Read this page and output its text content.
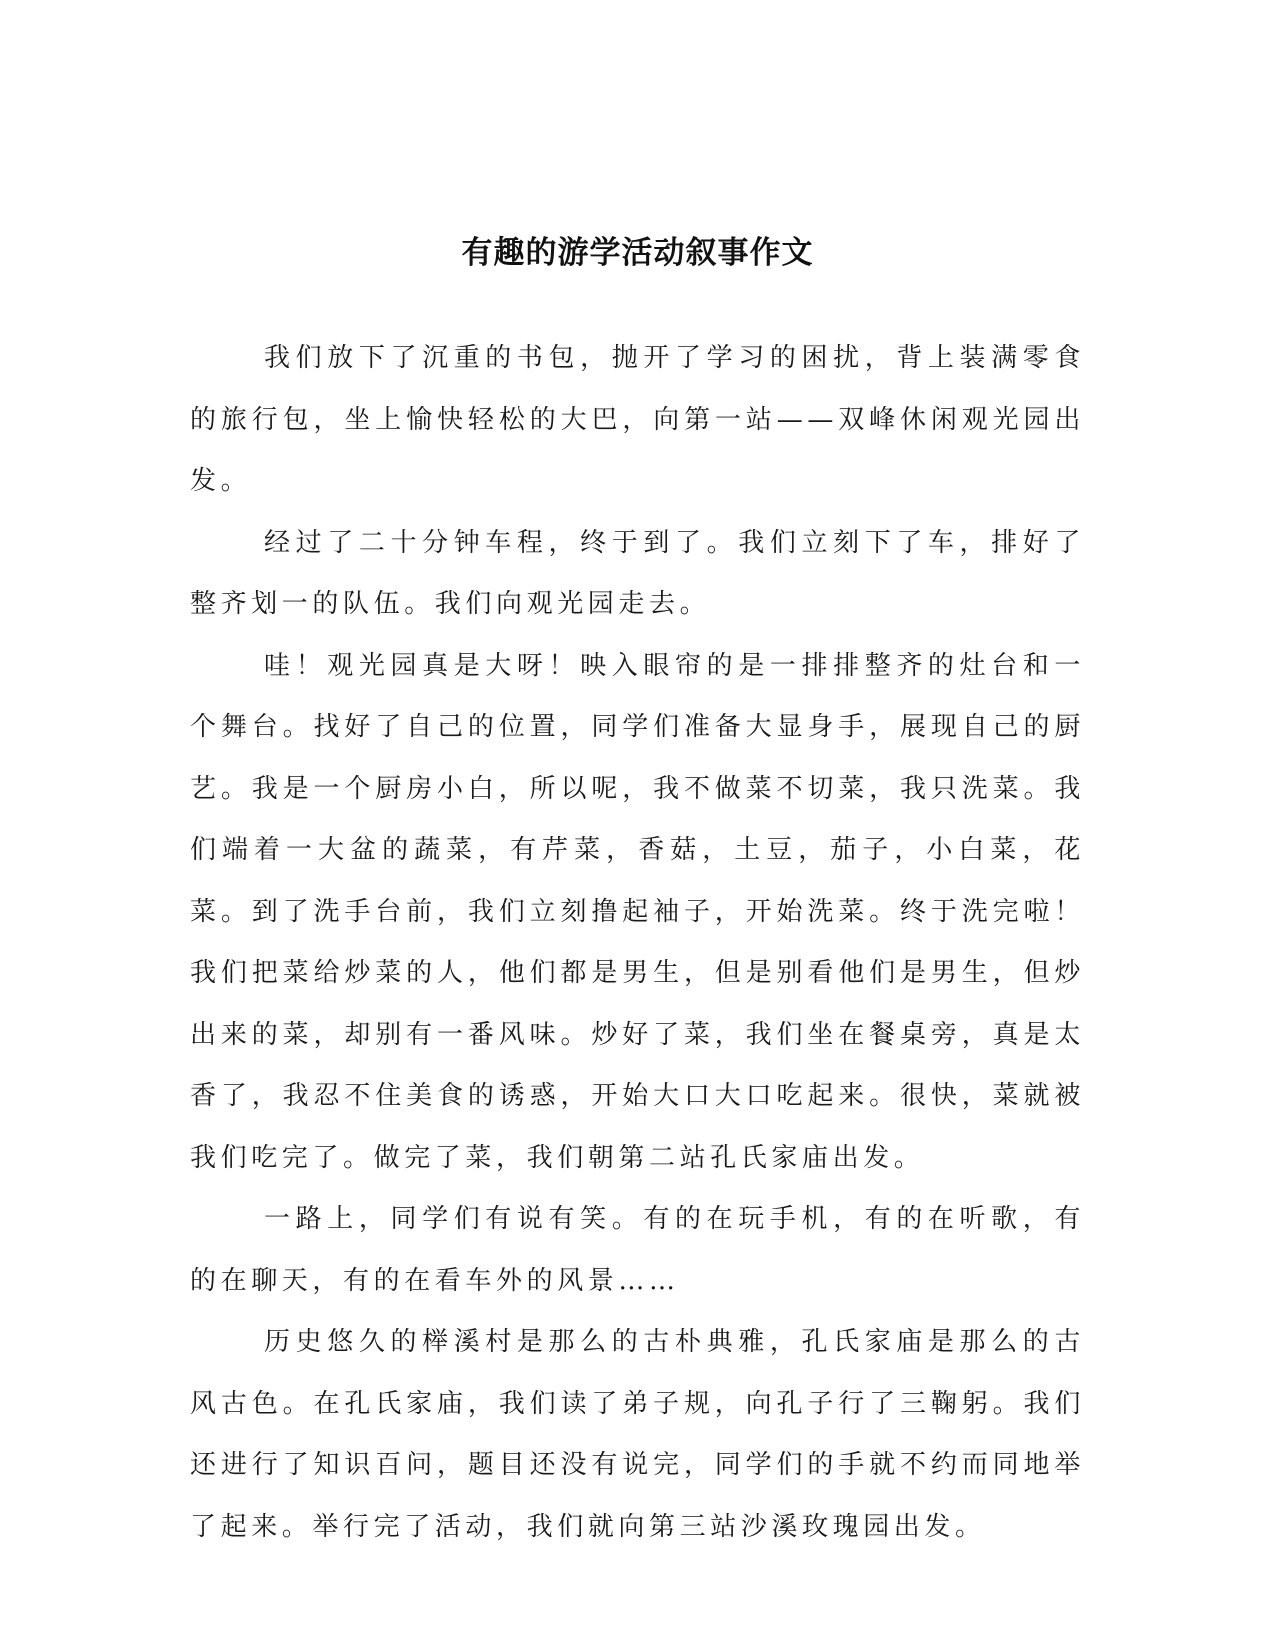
有趣的游学活动叙事作文

我们放下了沉重的书包，抛开了学习的困扰，背上装满零食的旅行包，坐上愉快轻松的大巴，向第一站——双峰休闲观光园出发。

经过了二十分钟车程，终于到了。我们立刻下了车，排好了整齐划一的队伍。我们向观光园走去。

哇！观光园真是大呀！映入眼帘的是一排排整齐的灶台和一个舞台。找好了自己的位置，同学们准备大显身手，展现自己的厨艺。我是一个厨房小白，所以呢，我不做菜不切菜，我只洗菜。我们端着一大盆的蔬菜，有芹菜，香菇，土豆，茄子，小白菜，花菜。到了洗手台前，我们立刻撸起袖子，开始洗菜。终于洗完啦！我们把菜给炒菜的人，他们都是男生，但是别看他们是男生，但炒出来的菜，却别有一番风味。炒好了菜，我们坐在餐桌旁，真是太香了，我忍不住美食的诱惑，开始大口大口吃起来。很快，菜就被我们吃完了。做完了菜，我们朝第二站孔氏家庙出发。

一路上，同学们有说有笑。有的在玩手机，有的在听歌，有的在聊天，有的在看车外的风景……

历史悠久的榉溪村是那么的古朴典雅，孔氏家庙是那么的古风古色。在孔氏家庙，我们读了弟子规，向孔子行了三鞠躬。我们还进行了知识百问，题目还没有说完，同学们的手就不约而同地举了起来。举行完了活动，我们就向第三站沙溪玫瑰园出发。
